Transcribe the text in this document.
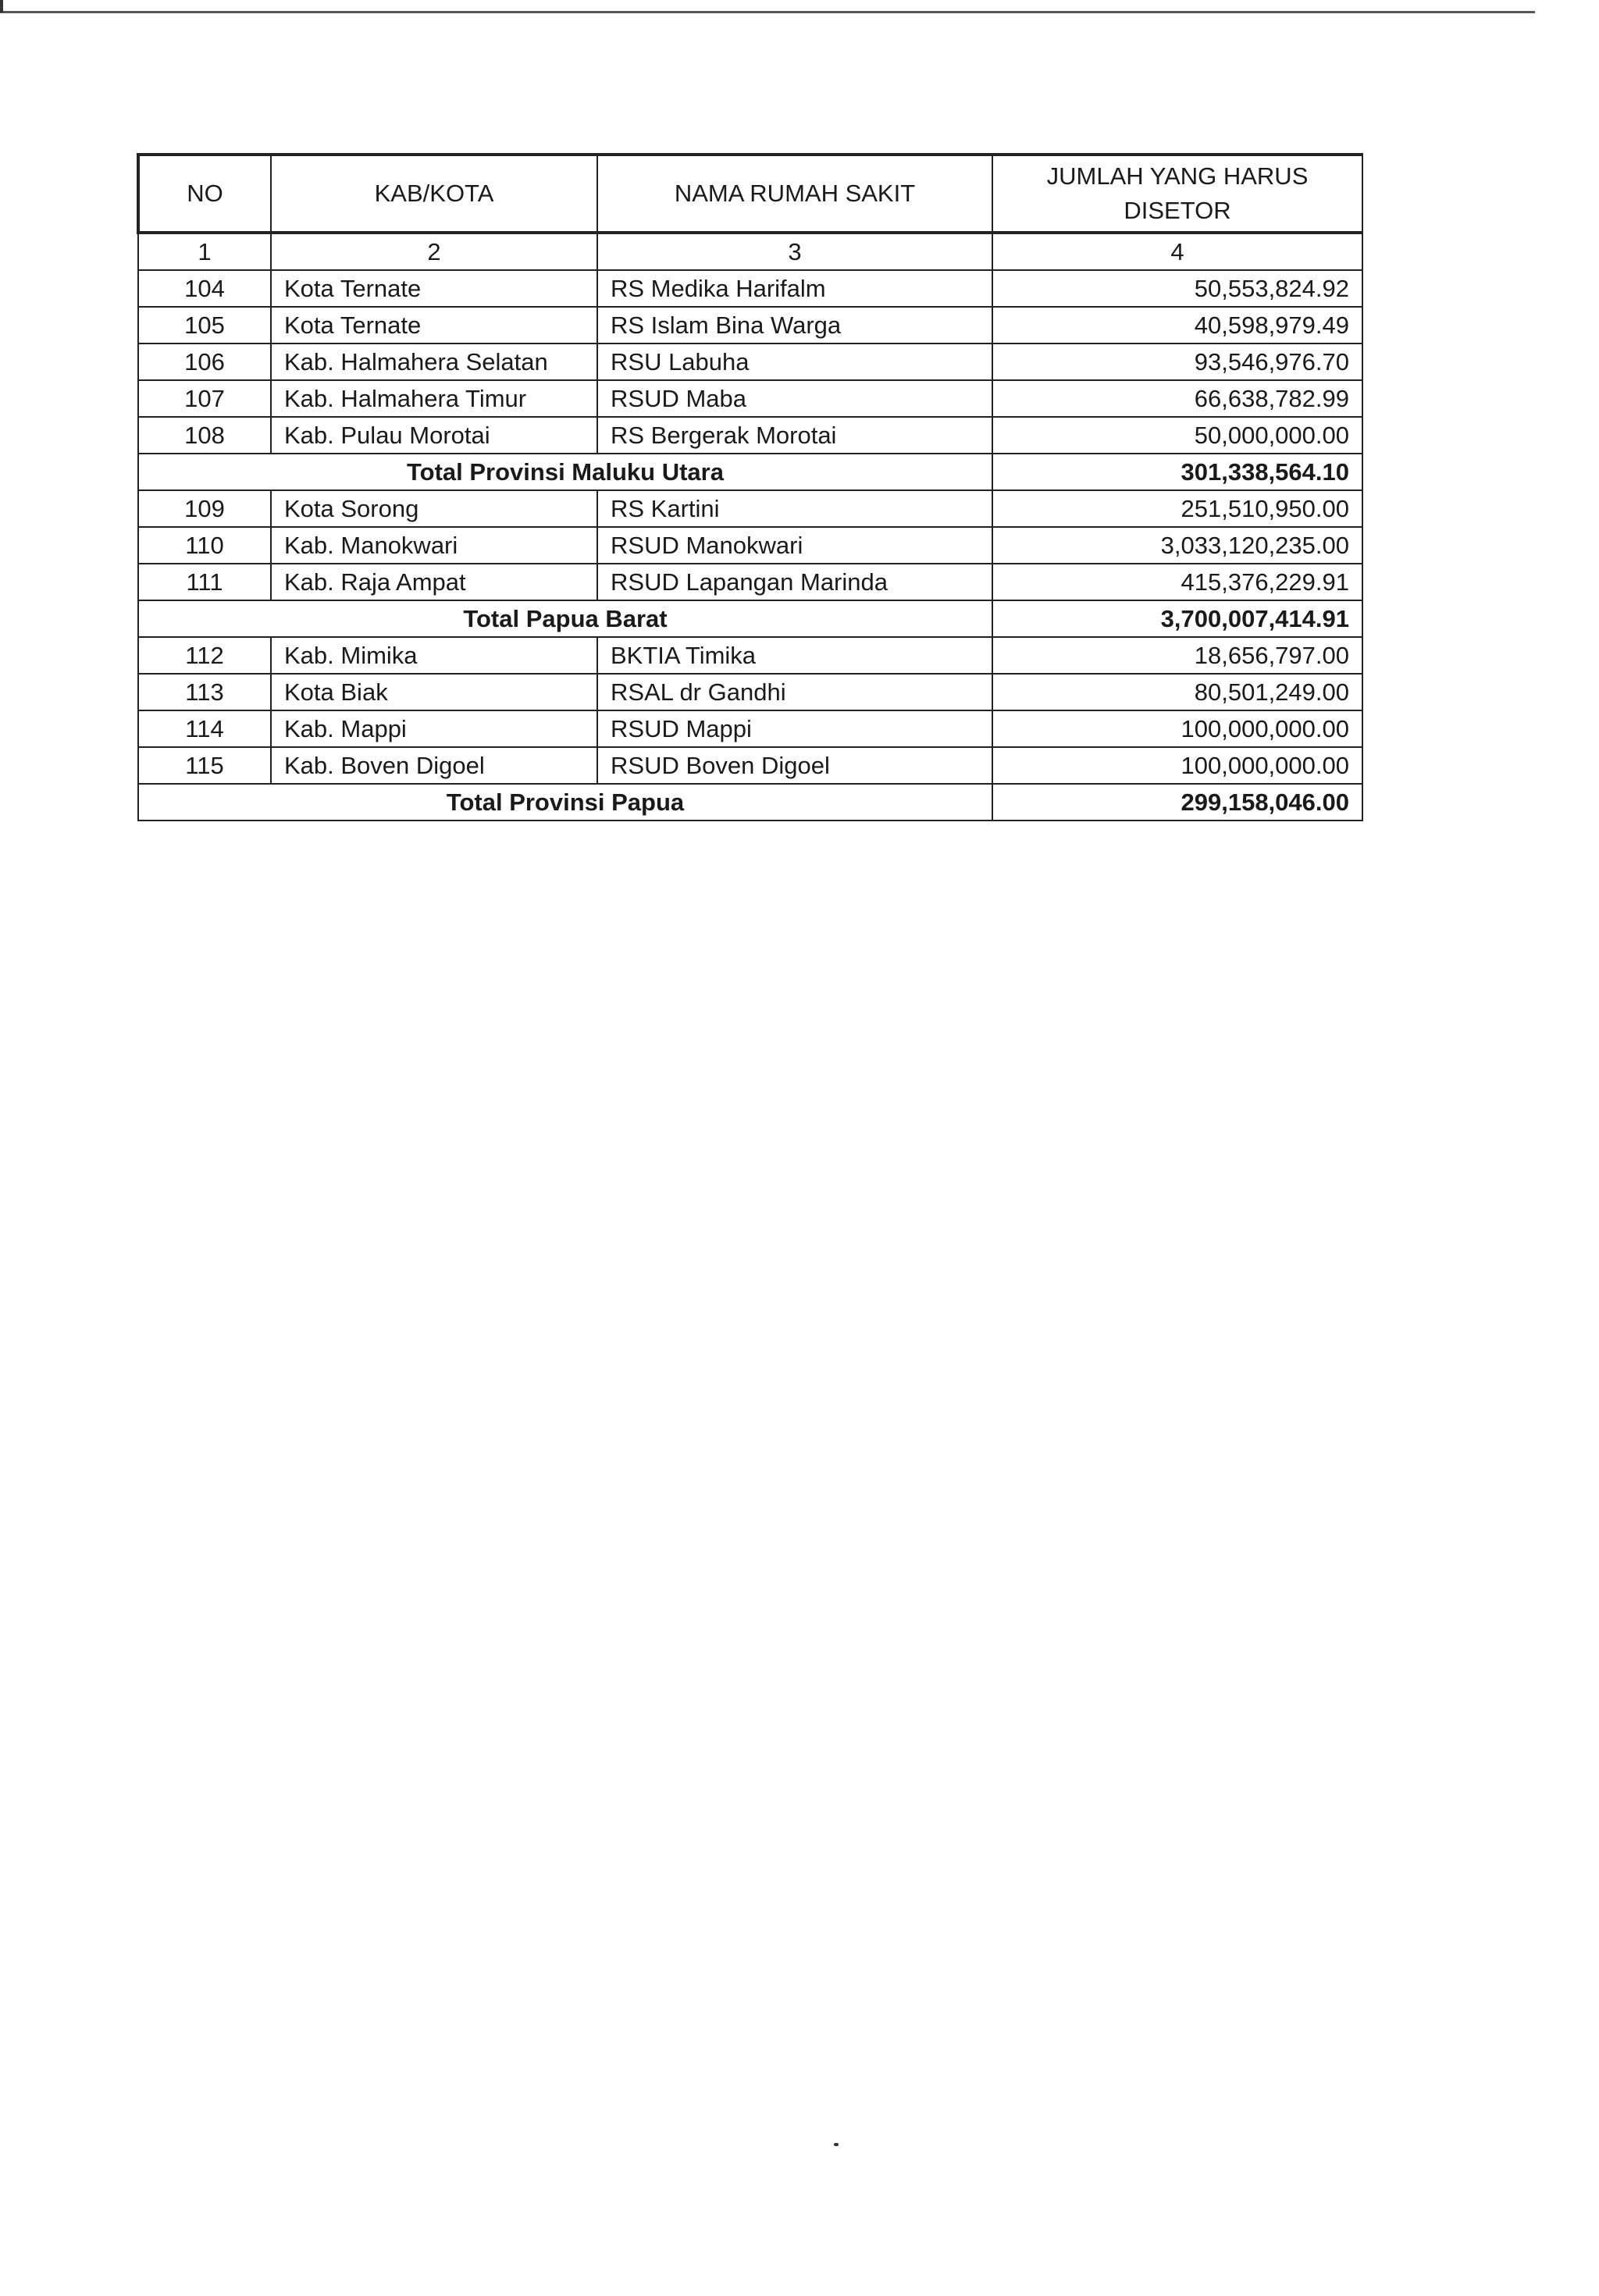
NO	KAB/KOTA	NAMA RUMAH SAKIT	JUMLAH YANG HARUS DISETOR
1	2	3	4
104	Kota Ternate	RS Medika Harifalm	50,553,824.92
105	Kota Ternate	RS Islam Bina Warga	40,598,979.49
106	Kab. Halmahera Selatan	RSU Labuha	93,546,976.70
107	Kab. Halmahera Timur	RSUD Maba	66,638,782.99
108	Kab. Pulau Morotai	RS Bergerak Morotai	50,000,000.00
Total Provinsi Maluku Utara			301,338,564.10
109	Kota Sorong	RS Kartini	251,510,950.00
110	Kab. Manokwari	RSUD Manokwari	3,033,120,235.00
111	Kab. Raja Ampat	RSUD Lapangan Marinda	415,376,229.91
Total Papua Barat			3,700,007,414.91
112	Kab. Mimika	BKTIA Timika	18,656,797.00
113	Kota Biak	RSAL dr Gandhi	80,501,249.00
114	Kab. Mappi	RSUD Mappi	100,000,000.00
115	Kab. Boven Digoel	RSUD Boven Digoel	100,000,000.00
Total Provinsi Papua			299,158,046.00
